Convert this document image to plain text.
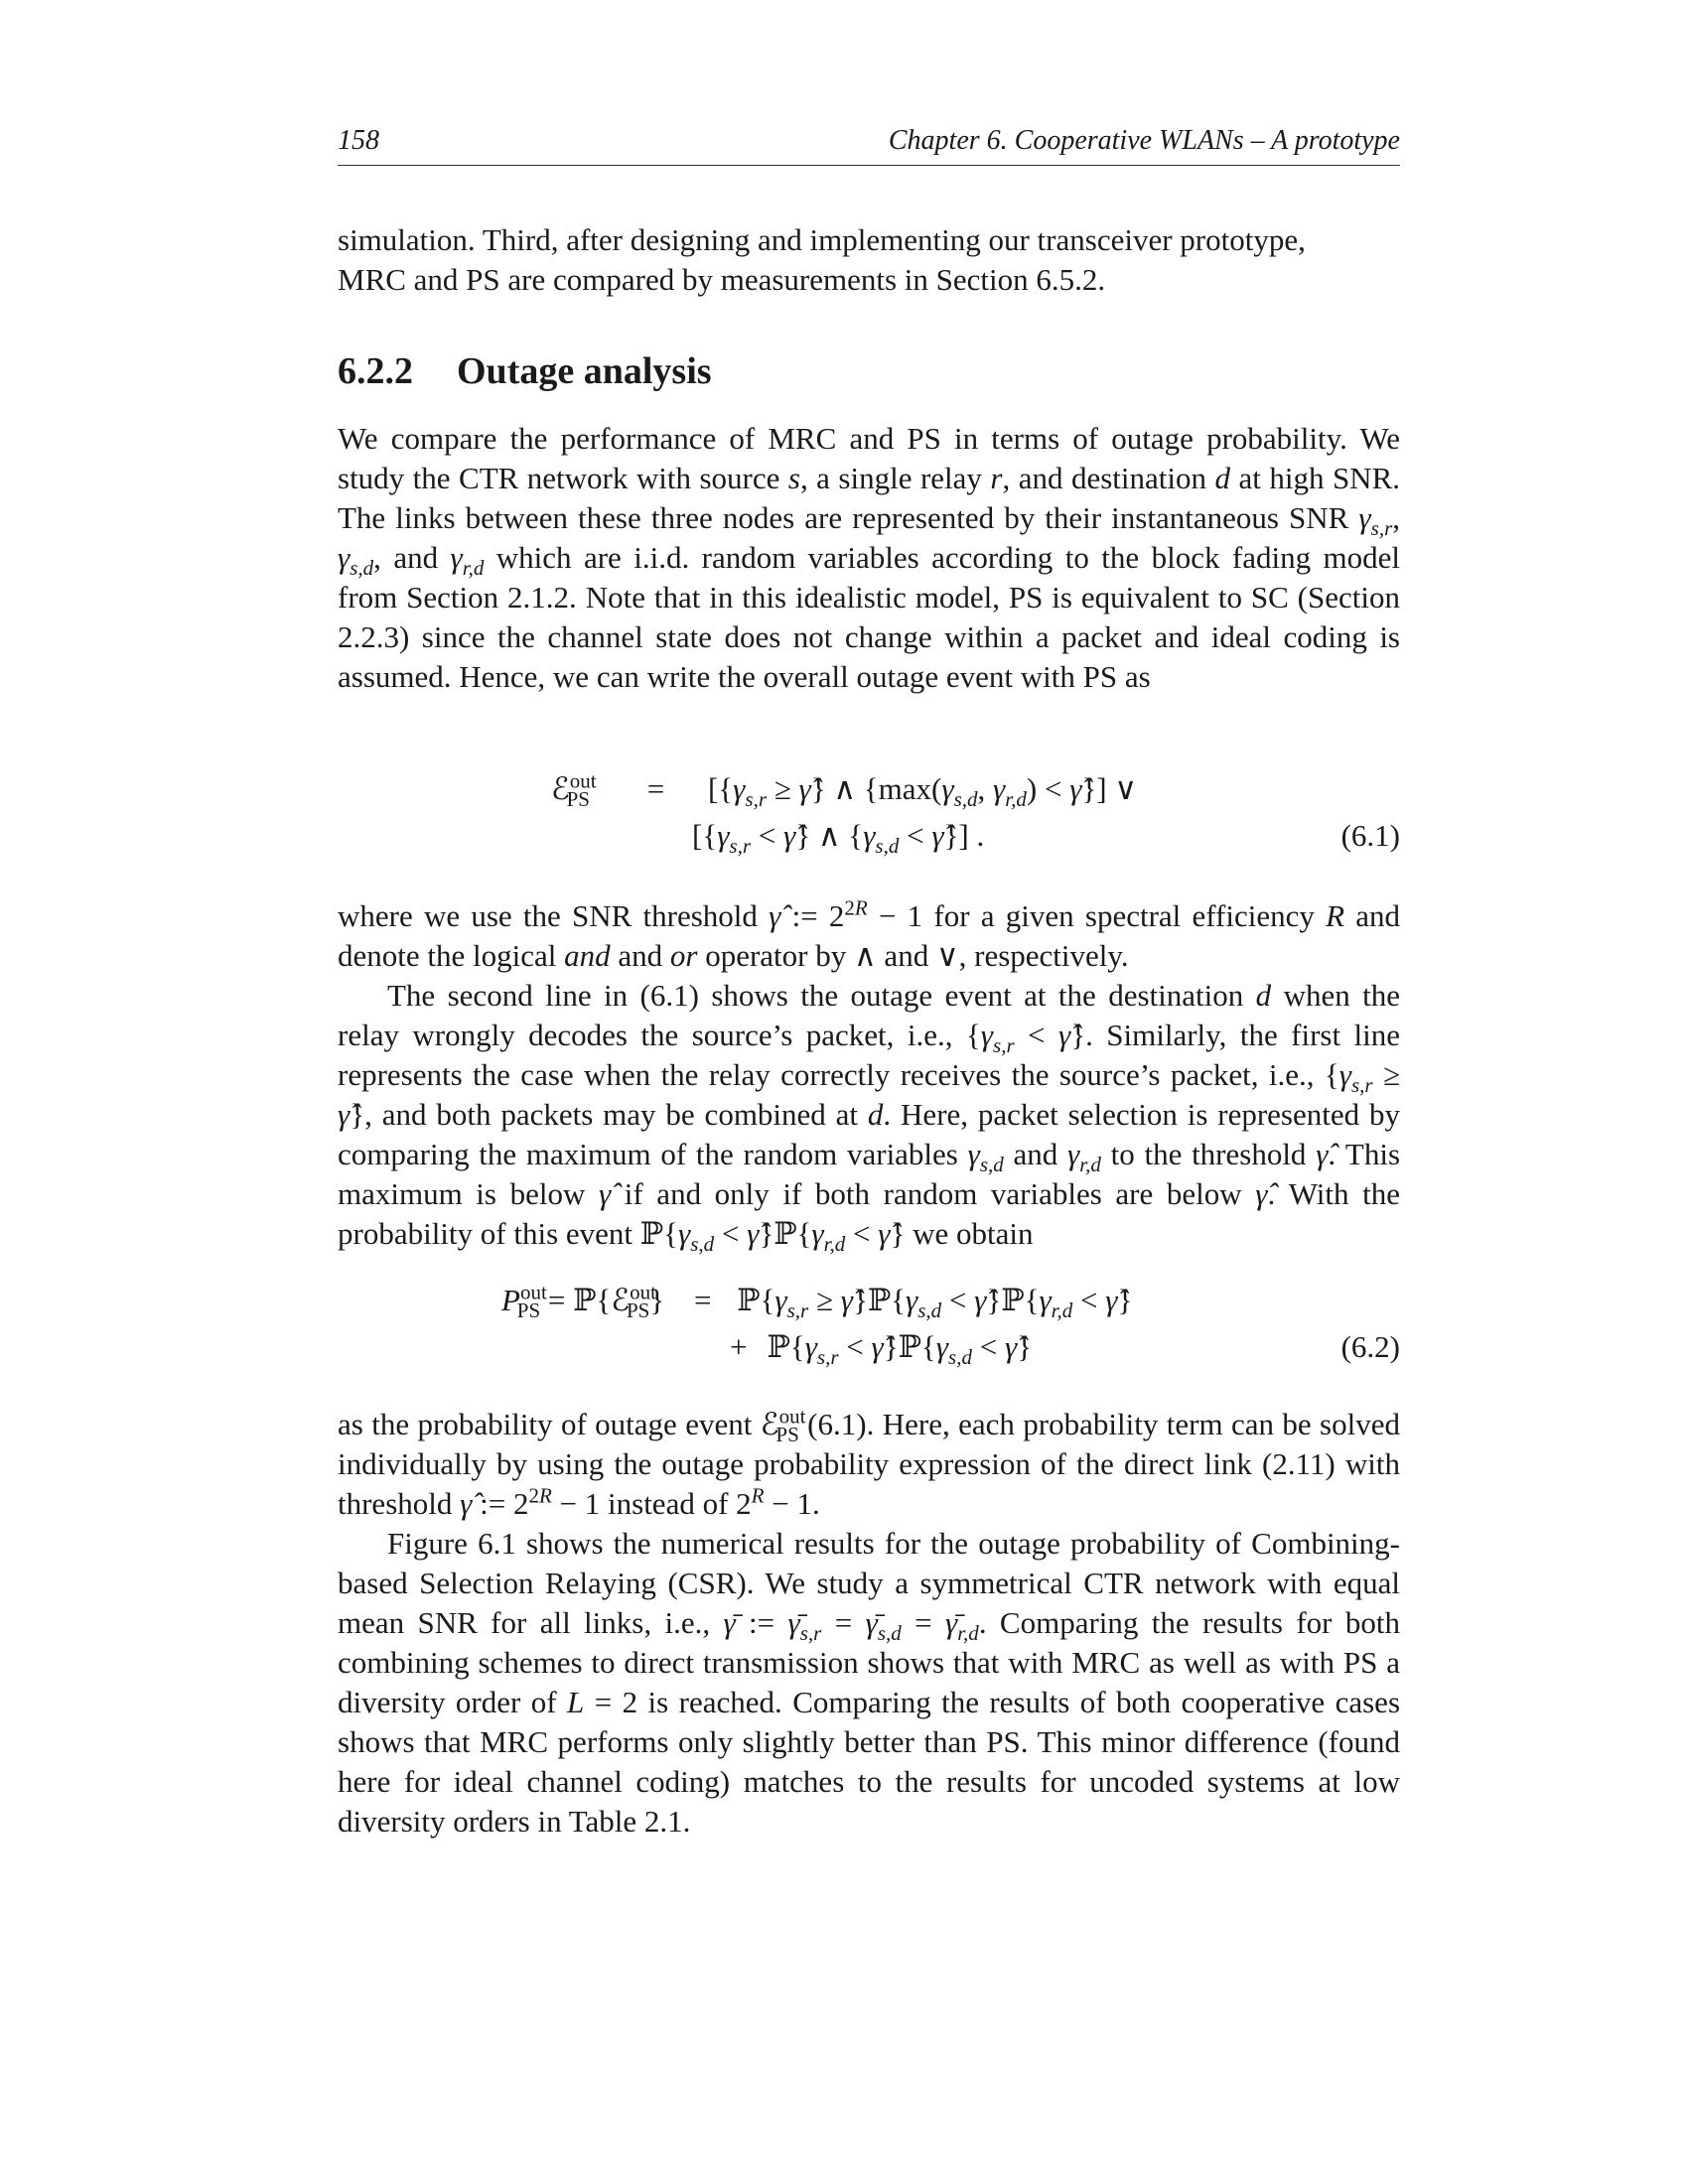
158	Chapter 6. Cooperative WLANs – A prototype

simulation. Third, after designing and implementing our transceiver prototype,
MRC and PS are compared by measurements in Section 6.5.2.

6.2.2 Outage analysis

We compare the performance of MRC and PS in terms of outage probability. We study the CTR network with source s, a single relay r, and destination d at high SNR. The links between these three nodes are represented by their instantaneous SNR $\gamma_{s,r}$, $\gamma_{s,d}$, and $\gamma_{r,d}$ which are i.i.d. random variables according to the block fading model from Section 2.1.2. Note that in this idealistic model, PS is equivalent to SC (Section 2.2.3) since the channel state does not change within a packet and ideal coding is assumed. Hence, we can write the overall outage event with PS as

ℰ$^{out}_{PS}$ = [{$\gamma_{s,r}$ ≥ γ̂} ∧ {$\max(\gamma_{s,d}$, $\gamma_{r,d}$) < γ̂}] ∨
[{$\gamma_{s,r}$ < γ̂} ∧ {$\gamma_{s,d}$ < γ̂}] .	(6.1)

where we use the SNR threshold γ̂ := $2^{2R} - 1$ for a given spectral efficiency R and denote the logical and and or operator by ∧ and ∨, respectively.

The second line in (6.1) shows the outage event at the destination d when the relay wrongly decodes the source’s packet, i.e., {$\gamma_{s,r}$ < γ̂}. Similarly, the first line represents the case when the relay correctly receives the source’s packet, i.e., {$\gamma_{s,r}$ ≥ γ̂}, and both packets may be combined at d. Here, packet selection is represented by comparing the maximum of the random variables $\gamma_{s,d}$ and $\gamma_{r,d}$ to the threshold γ̂. This maximum is below γ̂ if and only if both random variables are below γ̂. With the probability of this event $ℙ\{\gamma_{s,d}$ < $\gammâ\}ℙ\{\gamma_{r,d}$ < γ̂} we obtain

$P^{out}_{PS}$ = ℙ{ℰ$^{out}_{PS}$} = $ℙ\{\gamma_{s,r}$ ≥ $\gammâ\}ℙ\{\gamma_{s,d}$ < $\gammâ\}ℙ\{\gamma_{r,d}$ < γ̂}
+ $ℙ\{\gamma_{s,r}$ < $\gammâ\}ℙ\{\gamma_{s,d}$ < γ̂}	(6.2)

as the probability of outage event ℰ$^{out}_{PS}$ (6.1). Here, each probability term can be solved individually by using the outage probability expression of the direct link (2.11) with threshold γ̂ := $2^{2R} - 1$ instead of $2^R - 1$.

Figure 6.1 shows the numerical results for the outage probability of Combining-based Selection Relaying (CSR). We study a symmetrical CTR network with equal mean SNR for all links, i.e., γ̄ := $\gammā_{s,r}$ = $\gammā_{s,d}$ = $\gammā_{r,d}$. Comparing the results for both combining schemes to direct transmission shows that with MRC as well as with PS a diversity order of L = 2 is reached. Comparing the results of both cooperative cases shows that MRC performs only slightly better than PS. This minor difference (found here for ideal channel coding) matches to the results for uncoded systems at low diversity orders in Table 2.1.
